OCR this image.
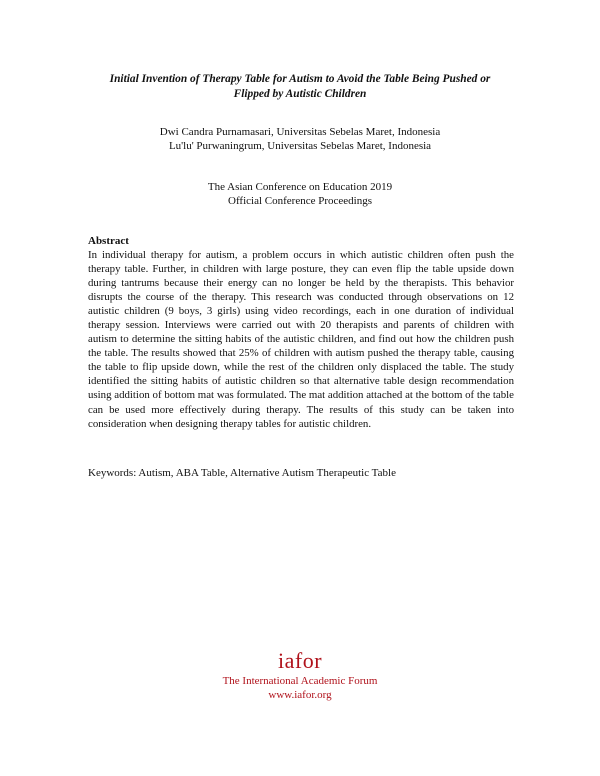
Initial Invention of Therapy Table for Autism to Avoid the Table Being Pushed or
Flipped by Autistic Children
Dwi Candra Purnamasari, Universitas Sebelas Maret, Indonesia
Lu'lu' Purwaningrum, Universitas Sebelas Maret, Indonesia
The Asian Conference on Education 2019
Official Conference Proceedings
Abstract

In individual therapy for autism, a problem occurs in which autistic children often push the therapy table. Further, in children with large posture, they can even flip the table upside down during tantrums because their energy can no longer be held by the therapists. This behavior disrupts the course of the therapy. This research was conducted through observations on 12 autistic children (9 boys, 3 girls) using video recordings, each in one duration of individual therapy session. Interviews were carried out with 20 therapists and parents of children with autism to determine the sitting habits of the autistic children, and find out how the children push the table. The results showed that 25% of children with autism pushed the therapy table, causing the table to flip upside down, while the rest of the children only displaced the table. The study identified the sitting habits of autistic children so that alternative table design recommendation using addition of bottom mat was formulated. The mat addition attached at the bottom of the table can be used more effectively during therapy. The results of this study can be taken into consideration when designing therapy tables for autistic children.

Keywords: Autism, ABA Table, Alternative Autism Therapeutic Table
iafor
The International Academic Forum
www.iafor.org
